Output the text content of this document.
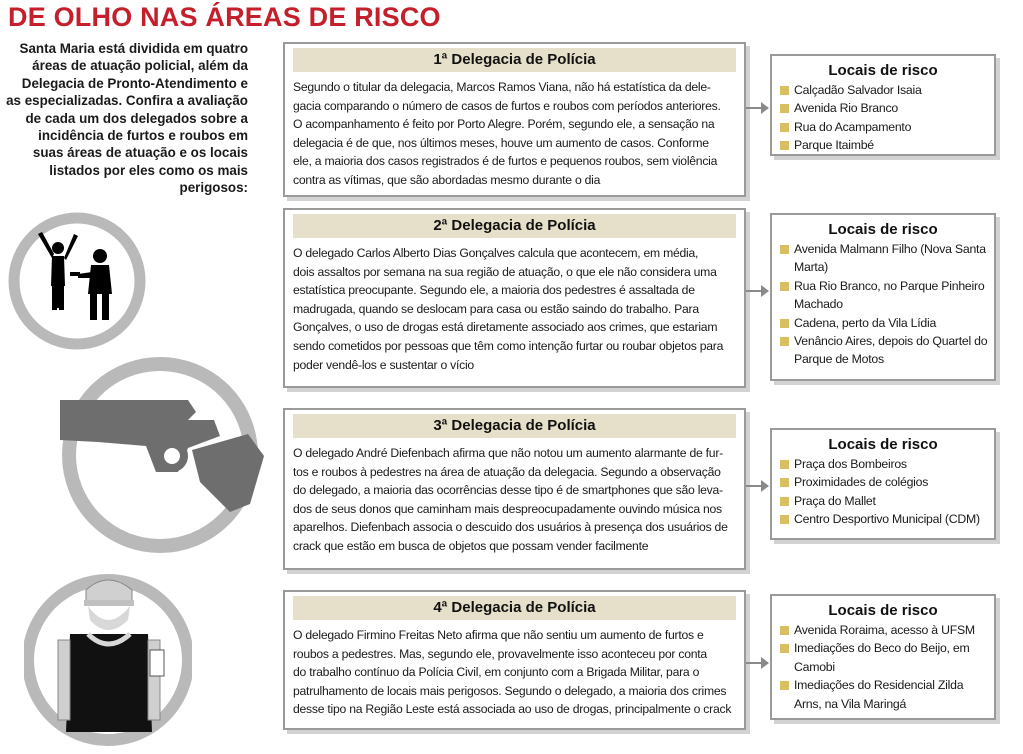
DE OLHO NAS ÁREAS DE RISCO
Santa Maria está dividida em quatro áreas de atuação policial, além da Delegacia de Pronto-Atendimento e as especializadas. Confira a avaliação de cada um dos delegados sobre a incidência de furtos e roubos em suas áreas de atuação e os locais listados por eles como os mais perigosos:
1ª Delegacia de Polícia
Segundo o titular da delegacia, Marcos Ramos Viana, não há estatística da dele-
gacia comparando o número de casos de furtos e roubos com períodos anteriores.
O acompanhamento é feito por Porto Alegre. Porém, segundo ele, a sensação na
delegacia é de que, nos últimos meses, houve um aumento de casos. Conforme
ele, a maioria dos casos registrados é de furtos e pequenos roubos, sem violência
contra as vítimas, que são abordadas mesmo durante o dia
Locais de risco
Calçadão Salvador Isaia
Avenida Rio Branco
Rua do Acampamento
Parque Itaimbé
2ª Delegacia de Polícia
O delegado Carlos Alberto Dias Gonçalves calcula que acontecem, em média,
dois assaltos por semana na sua região de atuação, o que ele não considera uma
estatística preocupante. Segundo ele, a maioria dos pedestres é assaltada de
madrugada, quando se deslocam para casa ou estão saindo do trabalho. Para
Gonçalves, o uso de drogas está diretamente associado aos crimes, que estariam
sendo cometidos por pessoas que têm como intenção furtar ou roubar objetos para
poder vendê-los e sustentar o vício
Locais de risco
Avenida Malmann Filho (Nova Santa Marta)
Rua Rio Branco, no Parque Pinheiro Machado
Cadena, perto da Vila Lídia
Venâncio Aires, depois do Quartel do Parque de Motos
3ª Delegacia de Polícia
O delegado André Diefenbach afirma que não notou um aumento alarmante de fur-
tos e roubos à pedestres na área de atuação da delegacia. Segundo a observação
do delegado, a maioria das ocorrências desse tipo é de smartphones que são leva-
dos de seus donos que caminham mais despreocupadamente ouvindo música nos
aparelhos. Diefenbach associa o descuido dos usuários à presença dos usuários de
crack que estão em busca de objetos que possam vender facilmente
Locais de risco
Praça dos Bombeiros
Proximidades de colégios
Praça do Mallet
Centro Desportivo Municipal (CDM)
4ª Delegacia de Polícia
O delegado Firmino Freitas Neto afirma que não sentiu um aumento de furtos e
roubos a pedestres. Mas, segundo ele, provavelmente isso aconteceu por conta
do trabalho contínuo da Polícia Civil, em conjunto com a Brigada Militar, para o
patrulhamento de locais mais perigosos. Segundo o delegado, a maioria dos crimes
desse tipo na Região Leste está associada ao uso de drogas, principalmente o crack
Locais de risco
Avenida Roraima, acesso à UFSM
Imediações do Beco do Beijo, em Camobi
Imediações do Residencial Zilda Arns, na Vila Maringá
